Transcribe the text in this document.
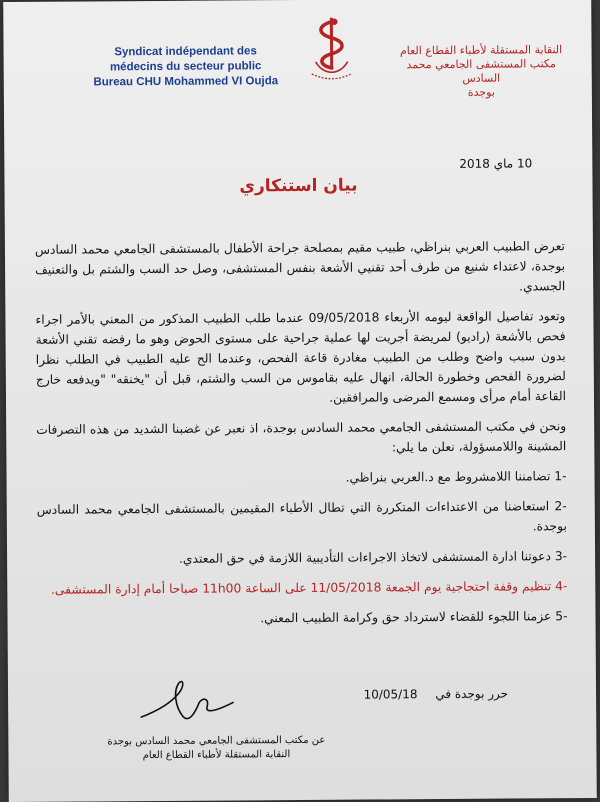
Syndicat indépendant des
médecins du secteur public
Bureau CHU Mohammed VI Oujda
النقابة المستقلة لأطباء القطاع العام
مكتب المستشفى الجامعي محمد السادس
بوجدة
10 ماي 2018
بيان استنكاري

تعرض الطبيب العربي بنراظي، طبيب مقيم بمصلحة جراحة الأطفال بالمستشفى الجامعي محمد السادس بوجدة، لاعتداء شنيع من طرف أحد تقنيي الأشعة بنفس المستشفى، وصل حد السب والشتم بل والتعنيف الجسدي.

وتعود تفاصيل الواقعة ليومه الأربعاء 09/05/2018 عندما طلب الطبيب المذكور من المعني بالأمر اجراء فحص بالأشعة (راديو) لمريضة أجريت لها عملية جراحية على مستوى الحوض وهو ما رفضه تقني الأشعة بدون سبب واضح وطلب من الطبيب مغادرة قاعة الفحص، وعندما الح عليه الطبيب في الطلب نظرا لضرورة الفحص وخطورة الحالة، انهال عليه بقاموس من السب والشتم، قبل أن "يخنقه" "ويدفعه خارج القاعة أمام مرأى ومسمع المرضى والمرافقين.

ونحن في مكتب المستشفى الجامعي محمد السادس بوجدة، اذ نعبر عن غضبنا الشديد من هذه التصرفات المشينة واللامسؤولة، نعلن ما يلي:

-1 تضامننا اللامشروط مع د.العربي بنراظي.
-2 استعاضنا من الاعتداءات المتكررة التي تطال الأطباء المقيمين بالمستشفى الجامعي محمد السادس بوجدة.
-3 دعوتنا ادارة المستشفى لاتخاذ الاجراءات التأديبية اللازمة في حق المعتدي.
-4 تنظيم وقفة احتجاجية يوم الجمعة 11/05/2018 على الساعة 11h00 صباحا أمام إدارة المستشفى.
-5 عزمنا اللجوء للقضاء لاسترداد حق وكرامة الطبيب المعني.
حرر بوجدة في 10/05/18
عن مكتب المستشفى الجامعي محمد السادس بوجدة
النقابة المستقلة لأطباء القطاع العام
